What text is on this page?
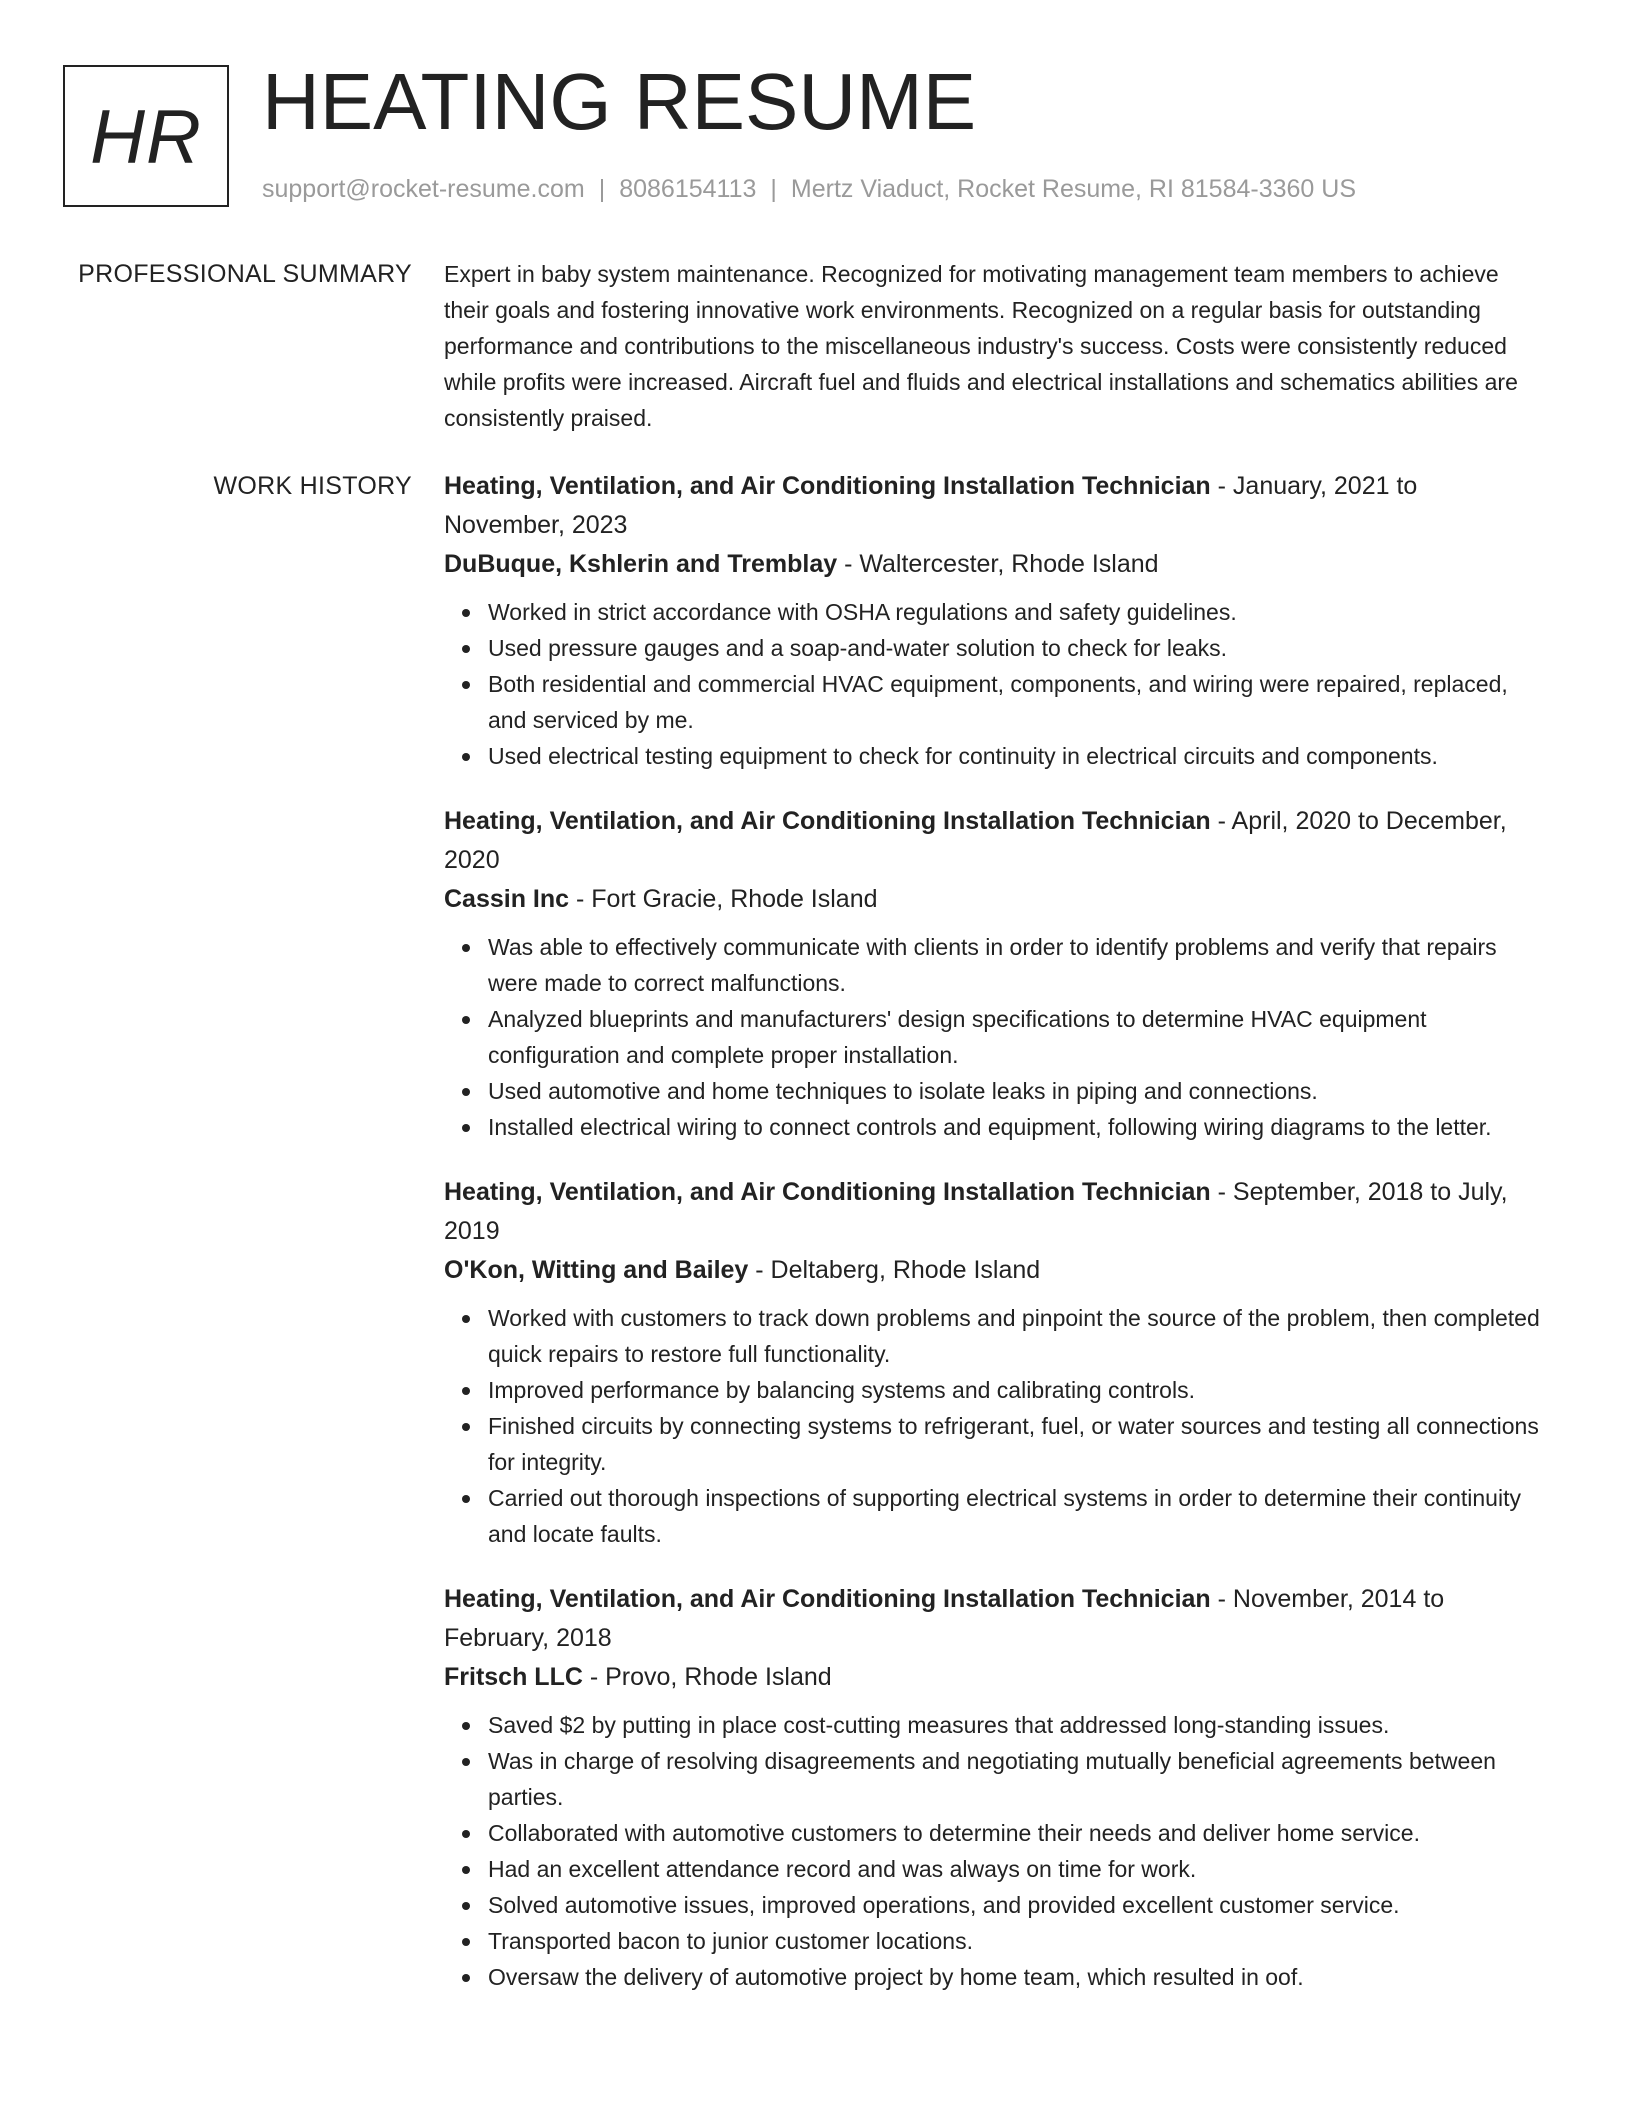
HR HEATING RESUME
support@rocket-resume.com | 8086154113 | Mertz Viaduct, Rocket Resume, RI 81584-3360 US
PROFESSIONAL SUMMARY Expert in baby system maintenance. Recognized for motivating management team members to achieve their goals and fostering innovative work environments. Recognized on a regular basis for outstanding performance and contributions to the miscellaneous industry's success. Costs were consistently reduced while profits were increased. Aircraft fuel and fluids and electrical installations and schematics abilities are consistently praised.

WORK HISTORY Heating, Ventilation, and Air Conditioning Installation Technician - January, 2021 to November, 2023

DuBuque, Kshlerin and Tremblay - Waltercester, Rhode Island

Worked in strict accordance with OSHA regulations and safety guidelines.
Used pressure gauges and a soap-and-water solution to check for leaks.
Both residential and commercial HVAC equipment, components, and wiring were repaired, replaced, and serviced by me.
Used electrical testing equipment to check for continuity in electrical circuits and components.

Heating, Ventilation, and Air Conditioning Installation Technician - April, 2020 to December, 2020

Cassin Inc - Fort Gracie, Rhode Island

Was able to effectively communicate with clients in order to identify problems and verify that repairs were made to correct malfunctions.
Analyzed blueprints and manufacturers' design specifications to determine HVAC equipment configuration and complete proper installation.
Used automotive and home techniques to isolate leaks in piping and connections.
Installed electrical wiring to connect controls and equipment, following wiring diagrams to the letter.

Heating, Ventilation, and Air Conditioning Installation Technician - September, 2018 to July, 2019

O'Kon, Witting and Bailey - Deltaberg, Rhode Island

Worked with customers to track down problems and pinpoint the source of the problem, then completed quick repairs to restore full functionality.
Improved performance by balancing systems and calibrating controls.
Finished circuits by connecting systems to refrigerant, fuel, or water sources and testing all connections for integrity.
Carried out thorough inspections of supporting electrical systems in order to determine their continuity and locate faults.

Heating, Ventilation, and Air Conditioning Installation Technician - November, 2014 to February, 2018

Fritsch LLC - Provo, Rhode Island

Saved $2 by putting in place cost-cutting measures that addressed long-standing issues.
Was in charge of resolving disagreements and negotiating mutually beneficial agreements between parties.
Collaborated with automotive customers to determine their needs and deliver home service.
Had an excellent attendance record and was always on time for work.
Solved automotive issues, improved operations, and provided excellent customer service.
Transported bacon to junior customer locations.
Oversaw the delivery of automotive project by home team, which resulted in oof.
